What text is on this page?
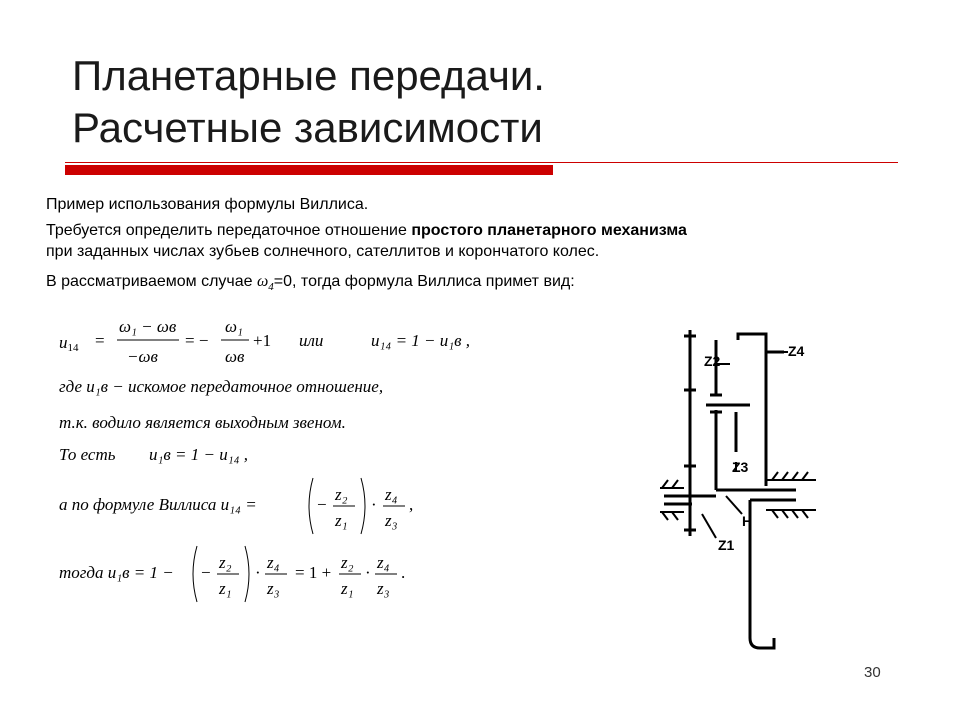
Планетарные передачи.
Расчетные зависимости
Пример использования формулы Виллиса.
Требуется определить передаточное отношение простого планетарного механизма
при заданных числах зубьев солнечного, сателлитов и корончатого колес.
В рассматриваемом случае $\omega_4=0$, тогда формула Виллиса примет вид:
u14 =
ω₁ − ωв
−ωв
= −
ω₁
ωв
+1 или	u₁₄ = 1 − u₁в ,
где u₁в − искомое передаточное отношение,
т.к. водило является выходным звеном.
То есть u₁в = 1 − u₁₄ ,
а по формуле Виллиса u₁₄ =	−
z₂
z₁
·
z₄
z₃
,
тогда u₁в = 1 − −
z₂
z₁
·
z₄
z₃
= 1 +
z₂
z₁
·
z₄
z₃
.
Z2
Z4
Z3
H
Z1
30
